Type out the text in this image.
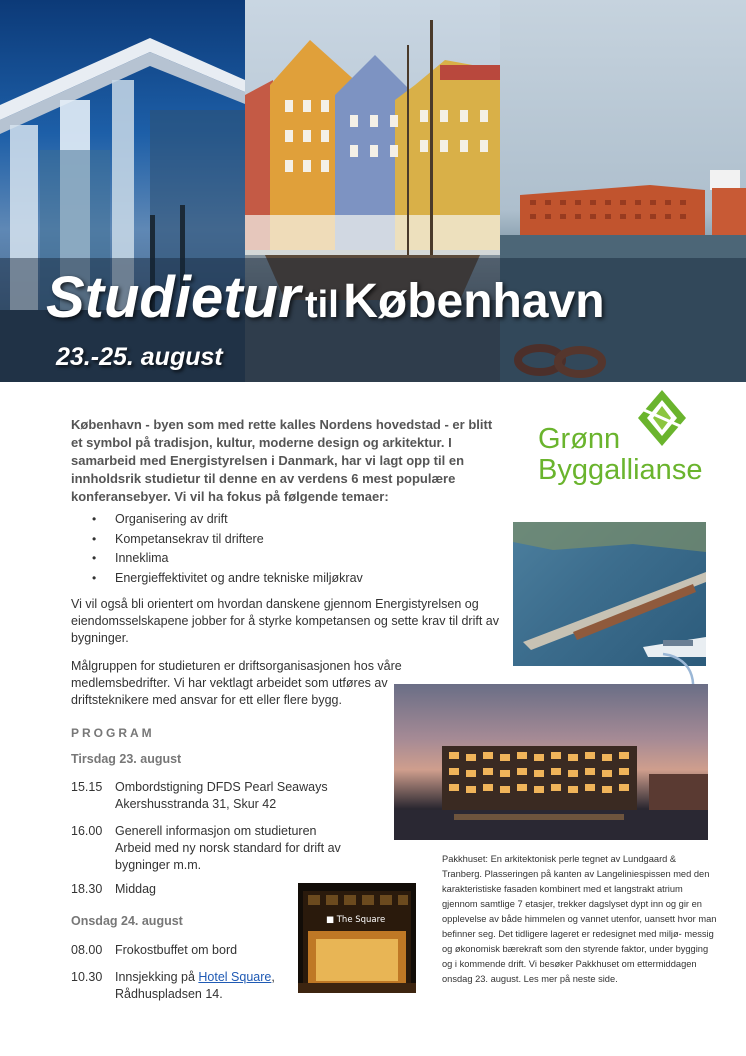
Studietur til København
23.-25. august
Grønn
Byggallianse

København - byen som med rette kalles Nordens hovedstad - er blitt et symbol på tradisjon, kultur, moderne design og arkitektur. I samarbeid med Energistyrelsen i Danmark, har vi lagt opp til en innholdsrik studietur til denne en av verdens 6 mest populære konferansebyer. Vi vil ha fokus på følgende temaer:

• Organisering av drift
• Kompetansekrav til driftere
• Inneklima
• Energieffektivitet og andre tekniske miljøkrav

Vi vil også bli orientert om hvordan danskene gjennom Energistyrelsen og eiendomsselskapene jobber for å styrke kompetansen og sette krav til drift av bygninger.

Målgruppen for studieturen er driftsorganisasjonen hos våre medlemsbedrifter. Vi har vektlagt arbeidet som utføres av driftsteknikere med ansvar for ett eller flere bygg.

PROGRAM
Tirsdag 23. august
15.15	Ombordstigning DFDS Pearl Seaways
Akershusstranda 31, Skur 42
16.00	Generell informasjon om studieturen
Arbeid med ny norsk standard for drift av
bygninger m.m.
18.30	Middag
Onsdag 24. august
08.00	Frokostbuffet om bord
10.30	Innsjekking på Hotel Square,
Rådhuspladsen 14.
■ The Square

Pakkhuset: En arkitektonisk perle tegnet av Lundgaard & Tranberg. Plasseringen på kanten av Langeliniespissen med den karakteristiske fasaden kombinert med et langstrakt atrium gjennom samtlige 7 etasjer, trekker dagslyset dypt inn og gir en opplevelse av både himmelen og vannet utenfor, uansett hvor man befinner seg. Det tidligere lageret er redesignet med miljø- messig og økonomisk bærekraft som den styrende faktor, under bygging og i kommende drift. Vi besøker Pakkhuset om ettermiddagen onsdag 23. august. Les mer på neste side.
